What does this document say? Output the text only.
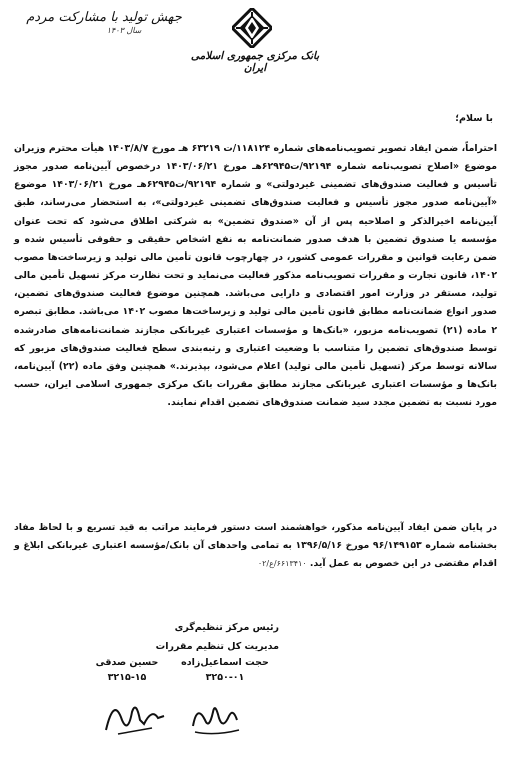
جهش تولید با مشارکت مردم
سال ۱۴۰۳
بانک مرکزی جمهوری اسلامی ایران
با سلام؛
احتراماً، ضمن ایفاد تصویر تصویب‌نامه‌های شماره ۱۱۸۱۲۴/ت ۶۳۲۱۹ هـ مورخ ۱۴۰۳/۸/۷ هیأت محترم وزیران موضوع «اصلاح تصویب‌نامه شماره ۹۲۱۹۴/ت۶۲۹۴۵هـ مورخ ۱۴۰۳/۰۶/۲۱ درخصوص آیین‌نامه صدور مجوز تأسیس و فعالیت صندوق‌های تضمینی غیردولتی» و شماره ۹۲۱۹۴/ت۶۲۹۴۵هـ مورخ ۱۴۰۳/۰۶/۲۱ موضوع «آیین‌نامه صدور مجوز تأسیس و فعالیت صندوق‌های تضمینی غیردولتی»، به استحضار می‌رساند، طبق آیین‌نامه اخیرالذکر و اصلاحیه پس از آن «صندوق تضمین» به شرکتی اطلاق می‌شود که تحت عنوان مؤسسه یا صندوق تضمین با هدف صدور ضمانت‌نامه به نفع اشخاص حقیقی و حقوقی تأسیس شده و ضمن رعایت قوانین و مقررات عمومی کشور، در چهارچوب قانون تأمین مالی تولید و زیرساخت‌ها مصوب ۱۴۰۲، قانون تجارت و مقررات تصویب‌نامه مذکور فعالیت می‌نماید و تحت نظارت مرکز تسهیل تأمین مالی تولید، مستقر در وزارت امور اقتصادی و دارایی می‌باشد. همچنین موضوع فعالیت صندوق‌های تضمین، صدور انواع ضمانت‌نامه مطابق قانون تأمین مالی تولید و زیرساخت‌ها مصوب ۱۴۰۲ می‌باشد. مطابق تبصره ۲ ماده (۲۱) تصویب‌نامه مزبور، «بانک‌ها و مؤسسات اعتباری غیربانکی مجازند ضمانت‌نامه‌های صادرشده توسط صندوق‌های تضمین را متناسب با وضعیت اعتباری و رتبه‌بندی سطح فعالیت صندوق‌های مزبور که سالانه توسط مرکز (تسهیل تأمین مالی تولید) اعلام می‌شود، بپذیرند.» همچنین وفق ماده (۲۲) آیین‌نامه، بانک‌ها و مؤسسات اعتباری غیربانکی مجازند مطابق مقررات بانک مرکزی جمهوری اسلامی ایران، حسب مورد نسبت به تضمین مجدد سید ضمانت صندوق‌های تضمین اقدام نمایند.
در پایان ضمن ایفاد آیین‌نامه مذکور، خواهشمند است دستور فرمایند مراتب به قید تسریع و با لحاظ مفاد بخشنامه شماره ۹۶/۱۴۹۱۵۳ مورخ ۱۳۹۶/۵/۱۶ به تمامی واحدهای آن بانک/مؤسسه اعتباری غیربانکی ابلاغ و اقدام مقتضی در این خصوص به عمل آید. ۶۶۱۳۴۱۰/ع/۰۲
رئیس مرکز تنظیم‌گری
مدیریت کل تنظیم مقررات
حسین صدقی
۳۲۱۵-۱۵
حجت اسماعیل‌زاده
۳۲۵۰-۰۱
